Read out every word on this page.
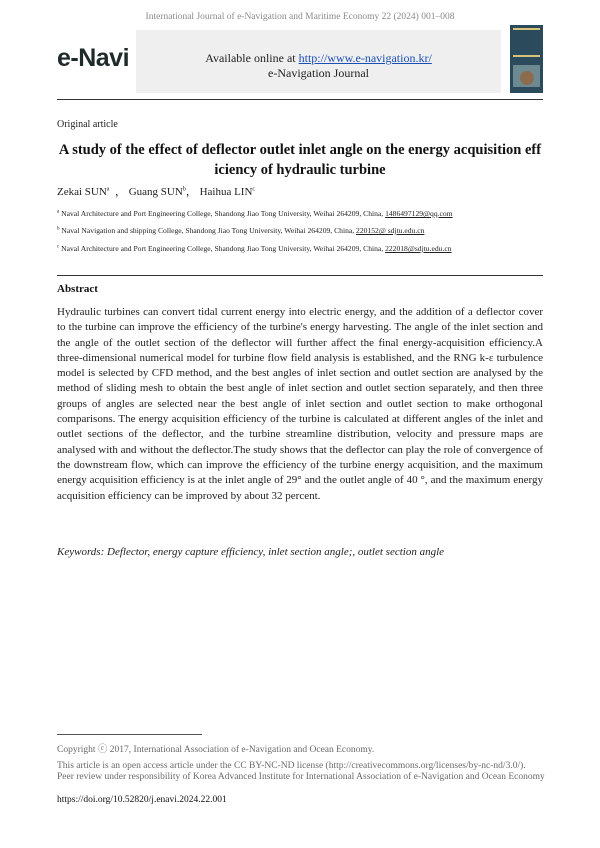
International Journal of e-Navigation and Maritime Economy 22 (2024) 001–008
e-Navi	Available online at http://www.e-navigation.kr/
e-Navigation Journal
Original article
A study of the effect of deflector outlet inlet angle on the energy acquisition efficiency of hydraulic turbine
Zekai SUN$^a$  ， Guang SUN$^b$， Haihua LIN$^c$
$^a$ Naval Architecture and Port Engineering College, Shandong Jiao Tong University, Weihai 264209, China, 1486497129@qq.com
$^b$ Naval Navigation and shipping College, Shandong Jiao Tong University, Weihai 264209, China, 220152@ sdjtu.edu.cn
$^c$ Naval Architecture and Port Engineering College, Shandong Jiao Tong University, Weihai 264209, China, 222018@sdjtu.edu.cn
Abstract
Hydraulic turbines can convert tidal current energy into electric energy, and the addition of a deflector cover to the turbine can improve the efficiency of the turbine's energy harvesting. The angle of the inlet section and the angle of the outlet section of the deflector will further affect the final energy-acquisition efficiency.A three-dimensional numerical model for turbine flow field analysis is established, and the RNG k-ε turbulence model is selected by CFD method, and the best angles of inlet section and outlet section are analysed by the method of sliding mesh to obtain the best angle of inlet section and outlet section separately, and then three groups of angles are selected near the best angle of inlet section and outlet section to make orthogonal comparisons. The energy acquisition efficiency of the turbine is calculated at different angles of the inlet and outlet sections of the deflector, and the turbine streamline distribution, velocity and pressure maps are analysed with and without the deflector.The study shows that the deflector can play the role of convergence of the downstream flow, which can improve the efficiency of the turbine energy acquisition, and the maximum energy acquisition efficiency is at the inlet angle of 29° and the outlet angle of 40 °, and the maximum energy acquisition efficiency can be improved by about 32 percent.
Keywords: Deflector, energy capture efficiency, inlet section angle;, outlet section angle
Copyright ⓒ 2017, International Association of e-Navigation and Ocean Economy.
This article is an open access article under the CC BY-NC-ND license (http://creativecommons.org/licenses/by-nc-nd/3.0/).
Peer review under responsibility of Korea Advanced Institute for International Association of e-Navigation and Ocean Economy
https://doi.org/10.52820/j.enavi.2024.22.001
